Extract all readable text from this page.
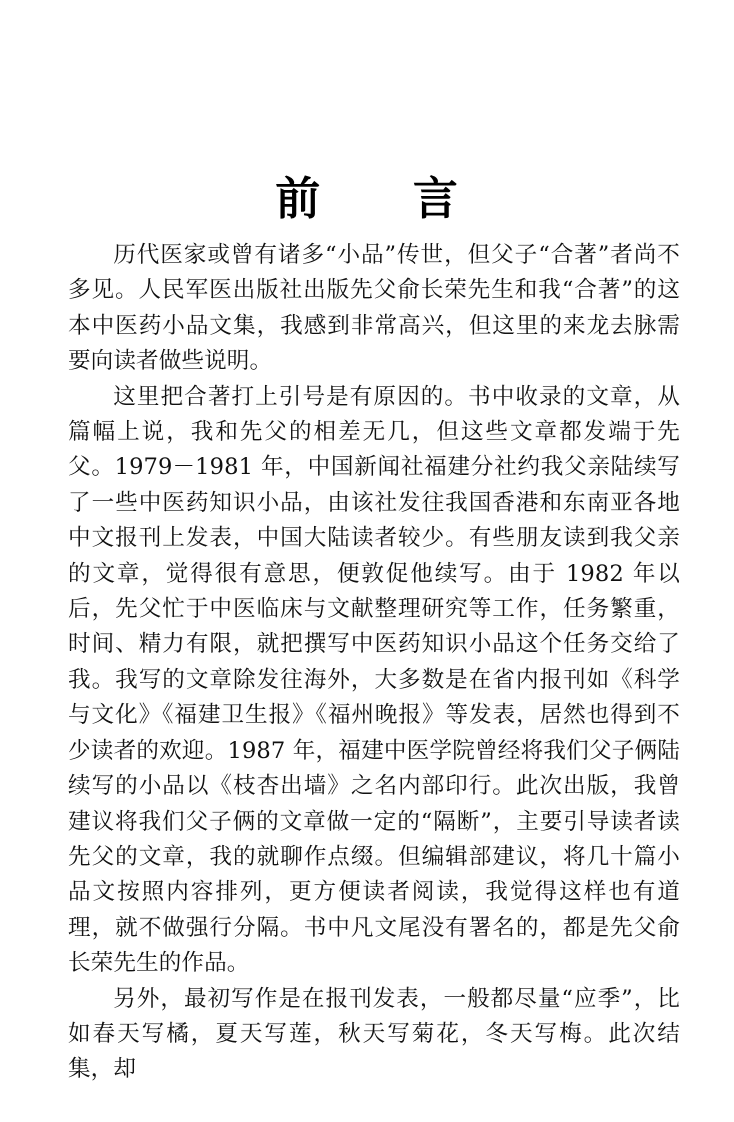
前　　言

历代医家或曾有诸多“小品”传世，但父子“合著”者尚不多见。人民军医出版社出版先父俞长荣先生和我“合著”的这本中医药小品文集，我感到非常高兴，但这里的来龙去脉需要向读者做些说明。

这里把合著打上引号是有原因的。书中收录的文章，从篇幅上说，我和先父的相差无几，但这些文章都发端于先父。1979－1981 年，中国新闻社福建分社约我父亲陆续写了一些中医药知识小品，由该社发往我国香港和东南亚各地中文报刊上发表，中国大陆读者较少。有些朋友读到我父亲的文章，觉得很有意思，便敦促他续写。由于 1982 年以后，先父忙于中医临床与文献整理研究等工作，任务繁重，时间、精力有限，就把撰写中医药知识小品这个任务交给了我。我写的文章除发往海外，大多数是在省内报刊如《科学与文化》《福建卫生报》《福州晚报》等发表，居然也得到不少读者的欢迎。1987 年，福建中医学院曾经将我们父子俩陆续写的小品以《枝杏出墙》之名内部印行。此次出版，我曾建议将我们父子俩的文章做一定的“隔断”，主要引导读者读先父的文章，我的就聊作点缀。但编辑部建议，将几十篇小品文按照内容排列，更方便读者阅读，我觉得这样也有道理，就不做强行分隔。书中凡文尾没有署名的，都是先父俞长荣先生的作品。

另外，最初写作是在报刊发表，一般都尽量“应季”，比如春天写橘，夏天写莲，秋天写菊花，冬天写梅。此次结集，却
